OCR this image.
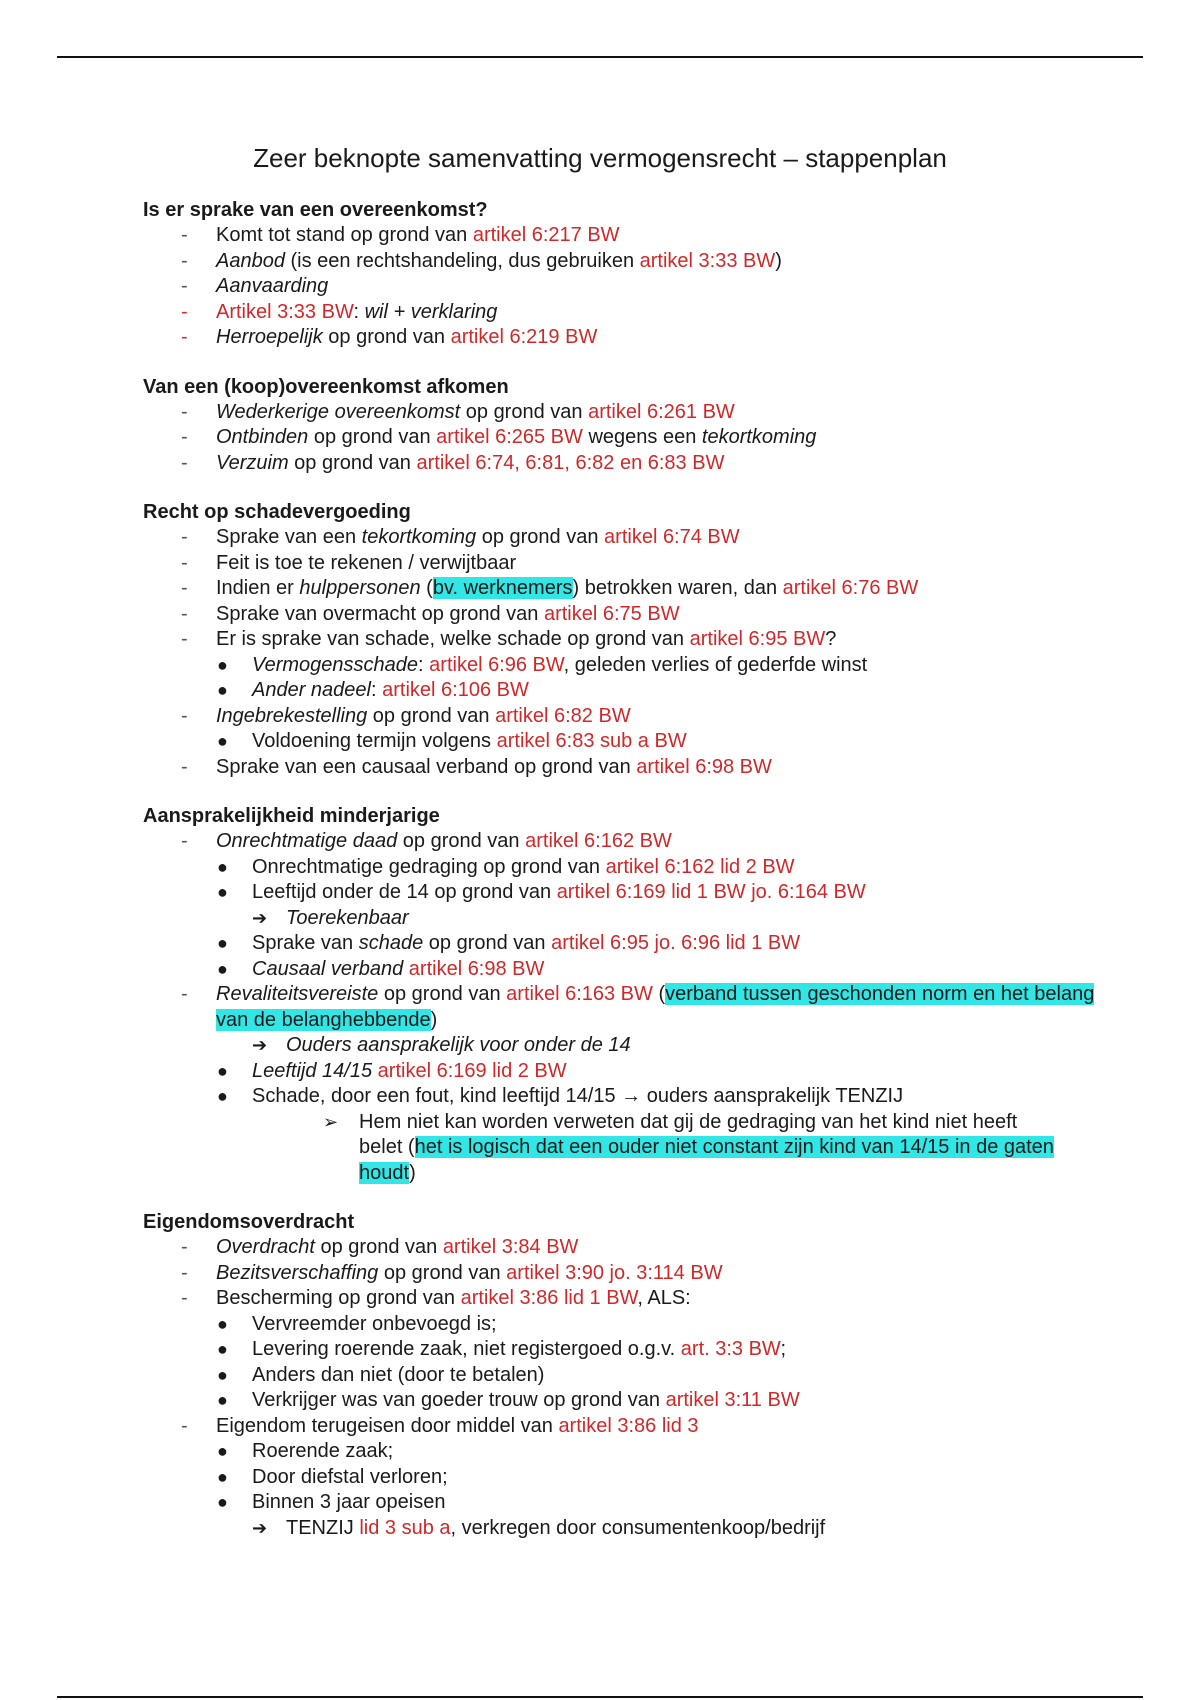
Zeer beknopte samenvatting vermogensrecht – stappenplan

Is er sprake van een overeenkomst?

- Komt tot stand op grond van artikel 6:217 BW
- Aanbod (is een rechtshandeling, dus gebruiken artikel 3:33 BW)
- Aanvaarding
- Artikel 3:33 BW: wil + verklaring
- Herroepelijk op grond van artikel 6:219 BW

Van een (koop)overeenkomst afkomen

- Wederkerige overeenkomst op grond van artikel 6:261 BW
- Ontbinden op grond van artikel 6:265 BW wegens een tekortkoming
- Verzuim op grond van artikel 6:74, 6:81, 6:82 en 6:83 BW

Recht op schadevergoeding

- Sprake van een tekortkoming op grond van artikel 6:74 BW
- Feit is toe te rekenen / verwijtbaar
- Indien er hulppersonen (bv. werknemers) betrokken waren, dan artikel 6:76 BW
- Sprake van overmacht op grond van artikel 6:75 BW
- Er is sprake van schade, welke schade op grond van artikel 6:95 BW?
● Vermogensschade: artikel 6:96 BW, geleden verlies of gederfde winst
● Ander nadeel: artikel 6:106 BW
- Ingebrekestelling op grond van artikel 6:82 BW
● Voldoening termijn volgens artikel 6:83 sub a BW
- Sprake van een causaal verband op grond van artikel 6:98 BW

Aansprakelijkheid minderjarige

- Onrechtmatige daad op grond van artikel 6:162 BW
● Onrechtmatige gedraging op grond van artikel 6:162 lid 2 BW
● Leeftijd onder de 14 op grond van artikel 6:169 lid 1 BW jo. 6:164 BW
➔ Toerekenbaar
● Sprake van schade op grond van artikel 6:95 jo. 6:96 lid 1 BW
● Causaal verband artikel 6:98 BW
- Revaliteitsvereiste op grond van artikel 6:163 BW (verband tussen geschonden norm en het belang van de belanghebbende)
➔ Ouders aansprakelijk voor onder de 14
● Leeftijd 14/15 artikel 6:169 lid 2 BW
● Schade, door een fout, kind leeftijd 14/15 → ouders aansprakelijk TENZIJ
➢ Hem niet kan worden verweten dat gij de gedraging van het kind niet heeft belet (het is logisch dat een ouder niet constant zijn kind van 14/15 in de gaten houdt)

Eigendomsoverdracht

- Overdracht op grond van artikel 3:84 BW
- Bezitsverschaffing op grond van artikel 3:90 jo. 3:114 BW
- Bescherming op grond van artikel 3:86 lid 1 BW, ALS:
● Vervreemder onbevoegd is;
● Levering roerende zaak, niet registergoed o.g.v. art. 3:3 BW;
● Anders dan niet (door te betalen)
● Verkrijger was van goeder trouw op grond van artikel 3:11 BW
- Eigendom terugeisen door middel van artikel 3:86 lid 3
● Roerende zaak;
● Door diefstal verloren;
● Binnen 3 jaar opeisen
➔ TENZIJ lid 3 sub a, verkregen door consumentenkoop/bedrijf
